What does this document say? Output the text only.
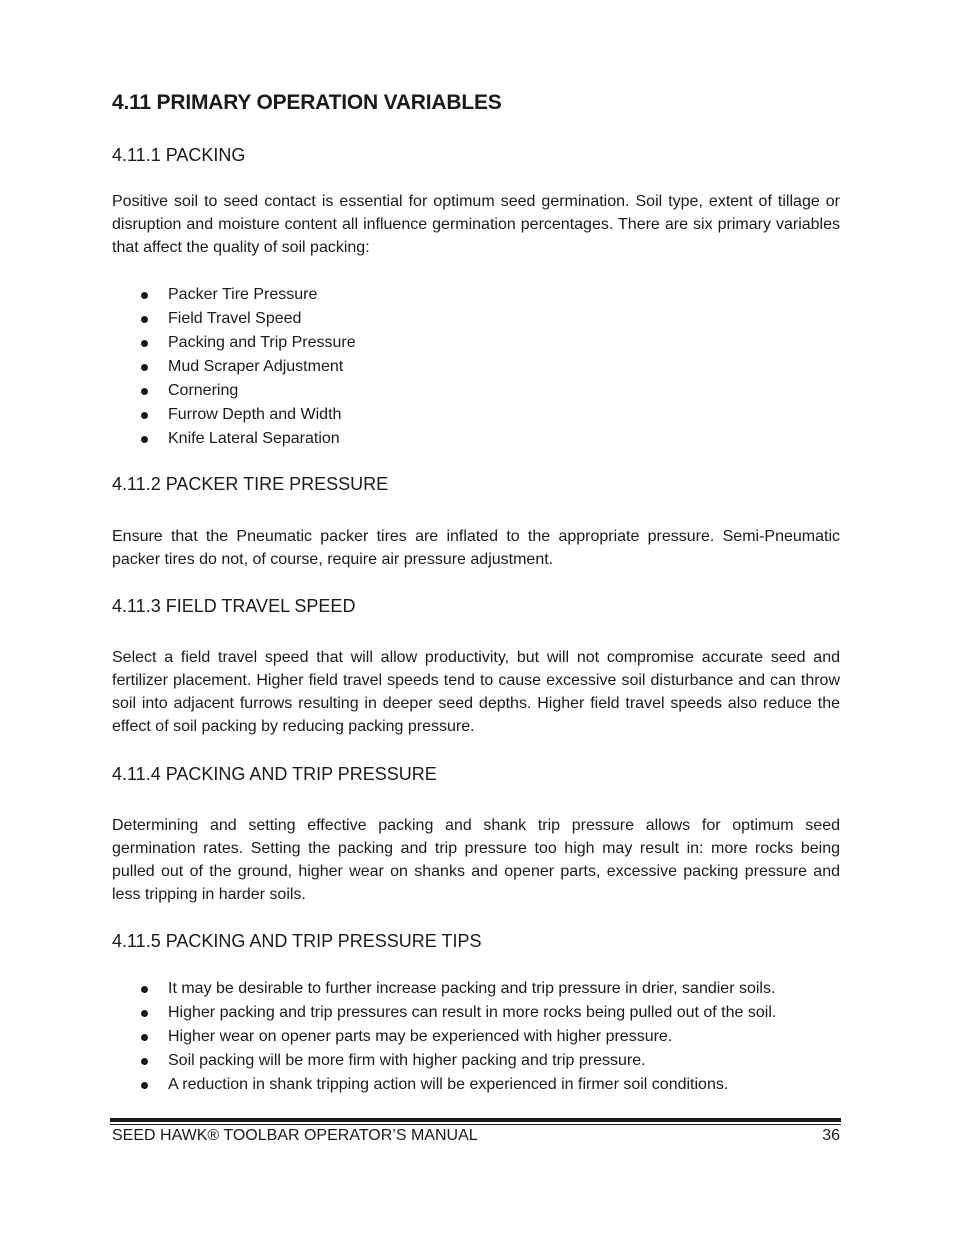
4.11 PRIMARY OPERATION VARIABLES
4.11.1 PACKING

Positive soil to seed contact is essential for optimum seed germination. Soil type, extent of tillage or disruption and moisture content all influence germination percentages. There are six primary variables that affect the quality of soil packing:

Packer Tire Pressure
Field Travel Speed
Packing and Trip Pressure
Mud Scraper Adjustment
Cornering
Furrow Depth and Width
Knife Lateral Separation
4.11.2 PACKER TIRE PRESSURE

Ensure that the Pneumatic packer tires are inflated to the appropriate pressure. Semi-Pneumatic packer tires do not, of course, require air pressure adjustment.

4.11.3 FIELD TRAVEL SPEED

Select a field travel speed that will allow productivity, but will not compromise accurate seed and fertilizer placement. Higher field travel speeds tend to cause excessive soil disturbance and can throw soil into adjacent furrows resulting in deeper seed depths. Higher field travel speeds also reduce the effect of soil packing by reducing packing pressure.

4.11.4 PACKING AND TRIP PRESSURE

Determining and setting effective packing and shank trip pressure allows for optimum seed germination rates. Setting the packing and trip pressure too high may result in: more rocks being pulled out of the ground, higher wear on shanks and opener parts, excessive packing pressure and less tripping in harder soils.

4.11.5 PACKING AND TRIP PRESSURE TIPS
It may be desirable to further increase packing and trip pressure in drier, sandier soils.
Higher packing and trip pressures can result in more rocks being pulled out of the soil.
Higher wear on opener parts may be experienced with higher pressure.
Soil packing will be more firm with higher packing and trip pressure.
A reduction in shank tripping action will be experienced in firmer soil conditions.
SEED HAWK® TOOLBAR OPERATOR’S MANUAL	36
